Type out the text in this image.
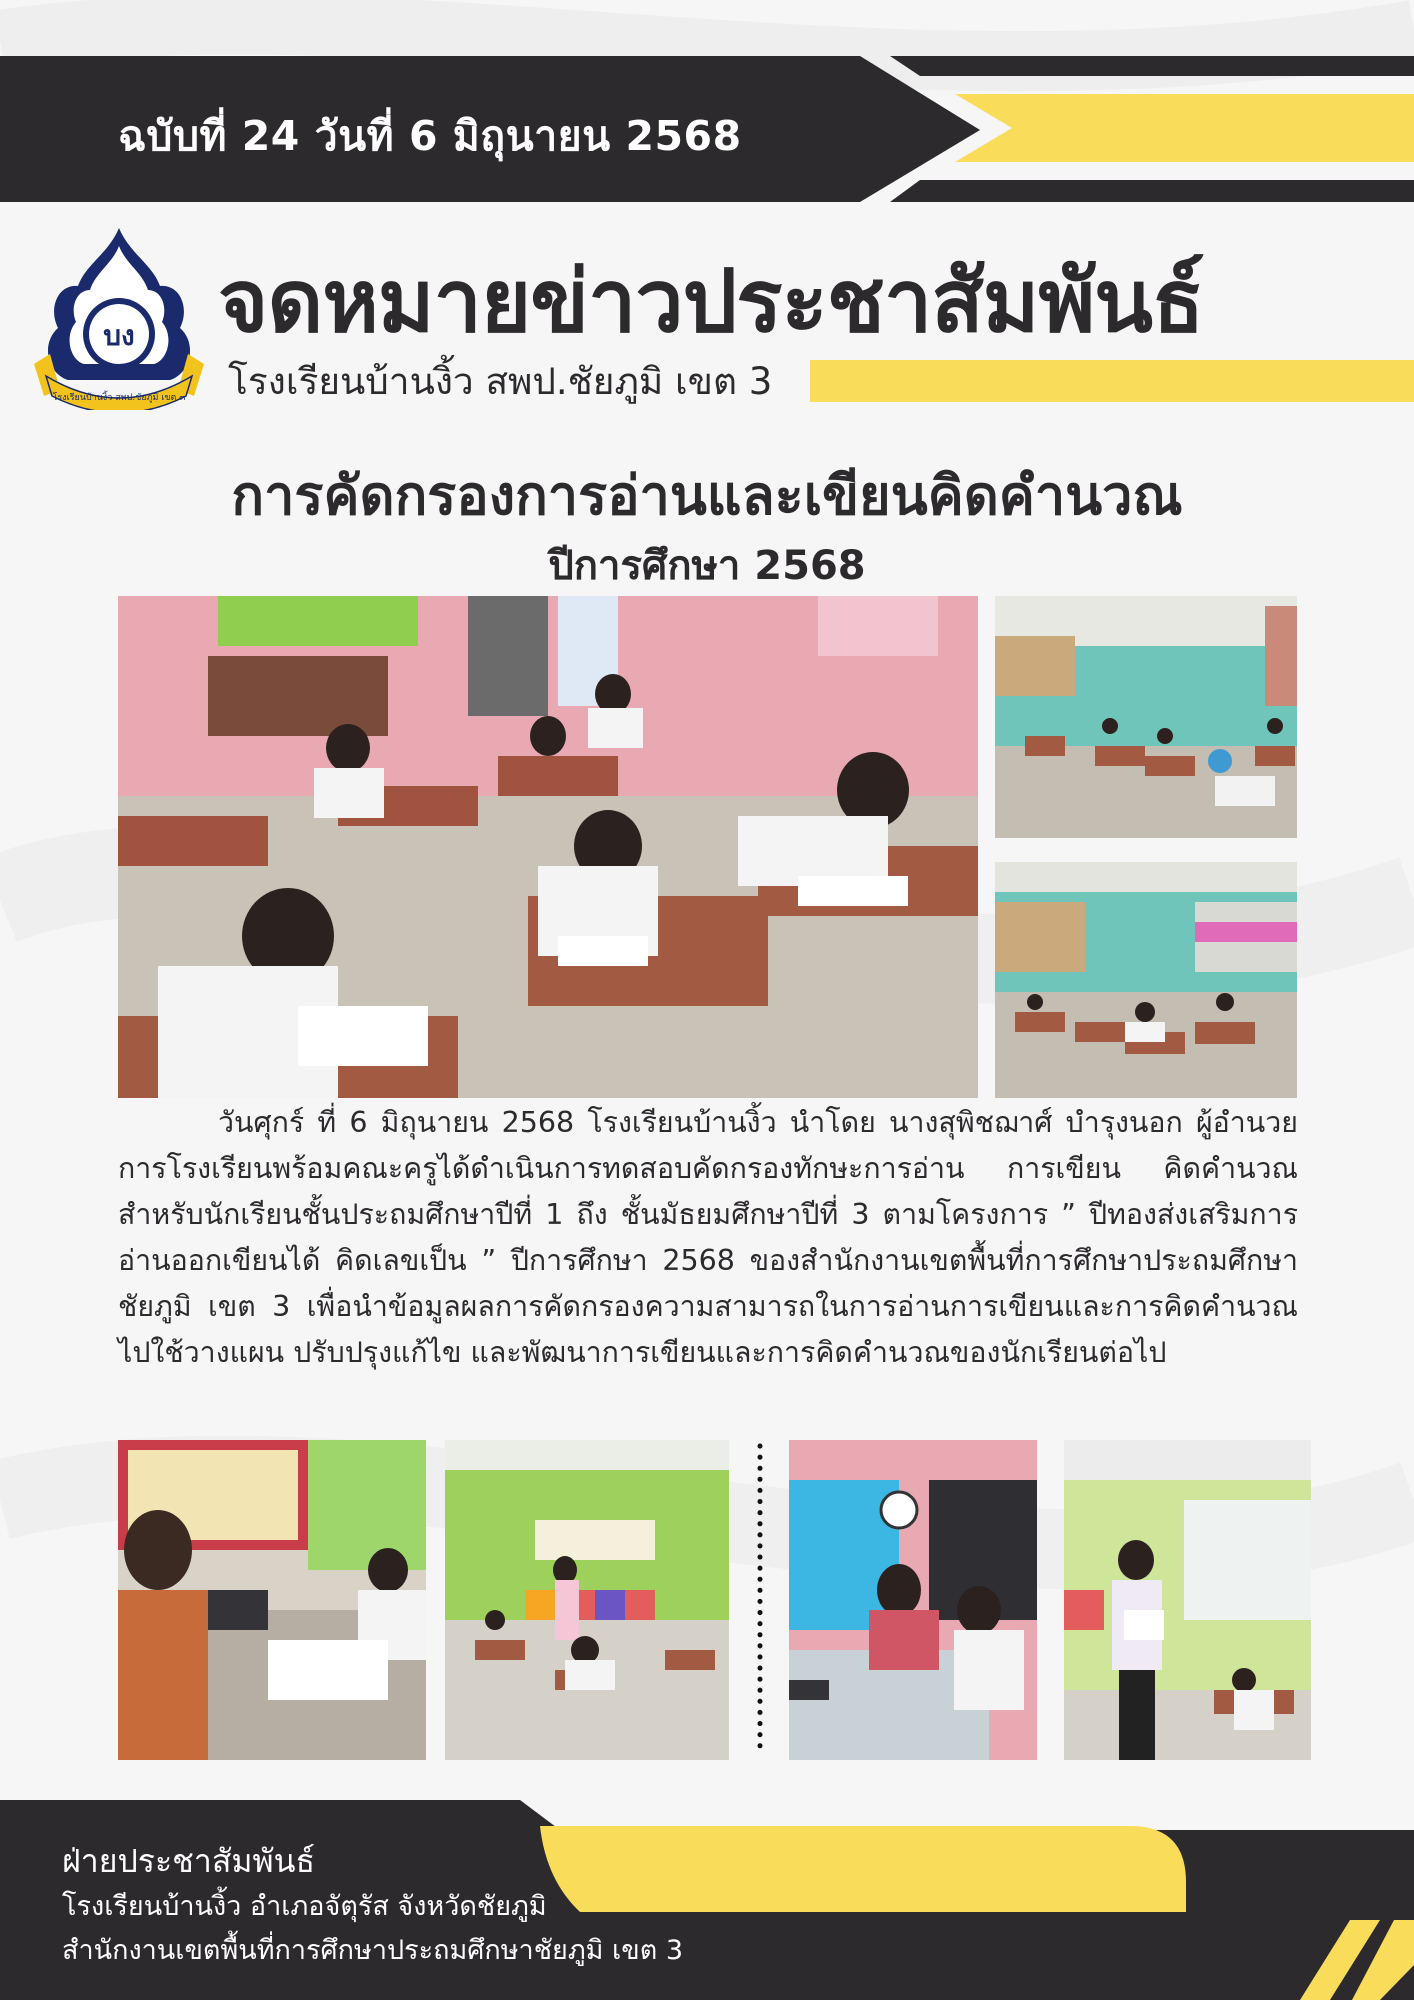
ฉบับที่ 24 วันที่ 6 มิถุนายน 2568
บง
สุวิชา โน ภวํ โหติ
โรงเรียนบ้านงิ้ว สพป.ชัยภูมิ เขต ๓
จดหมายข่าวประชาสัมพันธ์
โรงเรียนบ้านงิ้ว สพป.ชัยภูมิ เขต 3
การคัดกรองการอ่านและเขียนคิดคำนวณ
ปีการศึกษา 2568
วันศุกร์ ที่ 6 มิถุนายน 2568 โรงเรียนบ้านงิ้ว นำโดย นางสุพิชฌาศ์ บำรุงนอก ผู้อำนวยการโรงเรียนพร้อมคณะครูได้ดำเนินการทดสอบคัดกรองทักษะการอ่าน การเขียน คิดคำนวณ สำหรับนักเรียนชั้นประถมศึกษาปีที่ 1 ถึง ชั้นมัธยมศึกษาปีที่ 3 ตามโครงการ ” ปีทองส่งเสริมการอ่านออกเขียนได้ คิดเลขเป็น ” ปีการศึกษา 2568 ของสำนักงานเขตพื้นที่การศึกษาประถมศึกษาชัยภูมิ เขต 3 เพื่อนำข้อมูลผลการคัดกรองความสามารถในการอ่านการเขียนและการคิดคำนวณไปใช้วางแผน ปรับปรุงแก้ไข และพัฒนาการเขียนและการคิดคำนวณของนักเรียนต่อไป
ฝ่ายประชาสัมพันธ์
โรงเรียนบ้านงิ้ว อำเภอจัตุรัส จังหวัดชัยภูมิ
สำนักงานเขตพื้นที่การศึกษาประถมศึกษาชัยภูมิ เขต 3
